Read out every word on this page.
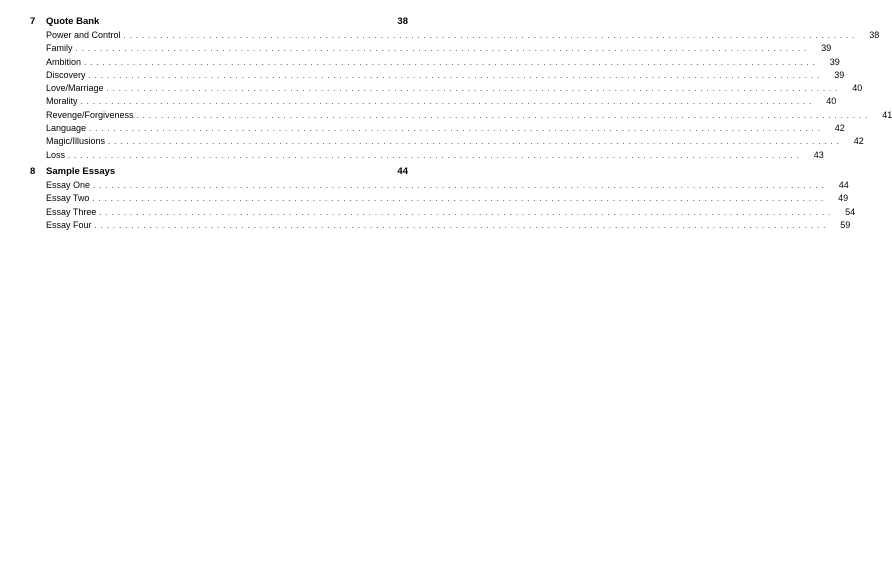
7	Quote Bank	38
Power and Control ........................................................................................................................	38
Family ........................................................................................................................	39
Ambition ........................................................................................................................	39
Discovery ........................................................................................................................	39
Love/Marriage ........................................................................................................................	40
Morality ........................................................................................................................	40
Revenge/Forgiveness ........................................................................................................................	41
Language ........................................................................................................................	42
Magic/Illusions ........................................................................................................................	42
Loss ........................................................................................................................	43
8	Sample Essays	44
Essay One ........................................................................................................................	44
Essay Two ........................................................................................................................	49
Essay Three ........................................................................................................................	54
Essay Four ........................................................................................................................	59
